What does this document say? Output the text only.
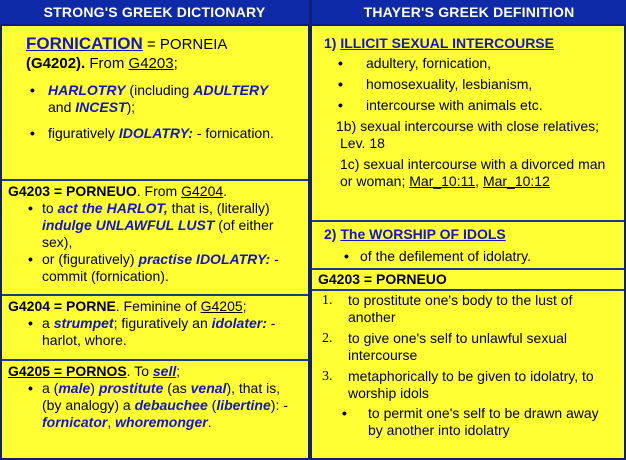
STRONG'S GREEK DICTIONARY
FORNICATION = PORNEIA
(G4202). From G4203;
• HARLOTRY (including ADULTERY
and INCEST);
• figuratively IDOLATRY: - fornication.
G4203 = PORNEUO. From G4204.
• to act the HARLOT, that is, (literally) indulge UNLAWFUL LUST (of either sex),
• or (figuratively) practise IDOLATRY: - commit (fornication).
G4204 = PORNE. Feminine of G4205;
• a strumpet; figuratively an idolater: - harlot, whore.
G4205 = PORNOS. To sell;
• a (male) prostitute (as venal), that is, (by analogy) a debauchee (libertine): - fornicator, whoremonger.
THAYER'S GREEK DEFINITION
1) ILLICIT SEXUAL INTERCOURSE
• adultery, fornication,
• homosexuality, lesbianism,
• intercourse with animals etc.
1b) sexual intercourse with close relatives; Lev. 18
1c) sexual intercourse with a divorced man or woman; Mar_10:11, Mar_10:12
2) The WORSHIP OF IDOLS
• of the defilement of idolatry.
G4203 = PORNEUO
1. to prostitute one's body to the lust of another
2. to give one's self to unlawful sexual intercourse
3. metaphorically to be given to idolatry, to worship idols
• to permit one's self to be drawn away by another into idolatry
